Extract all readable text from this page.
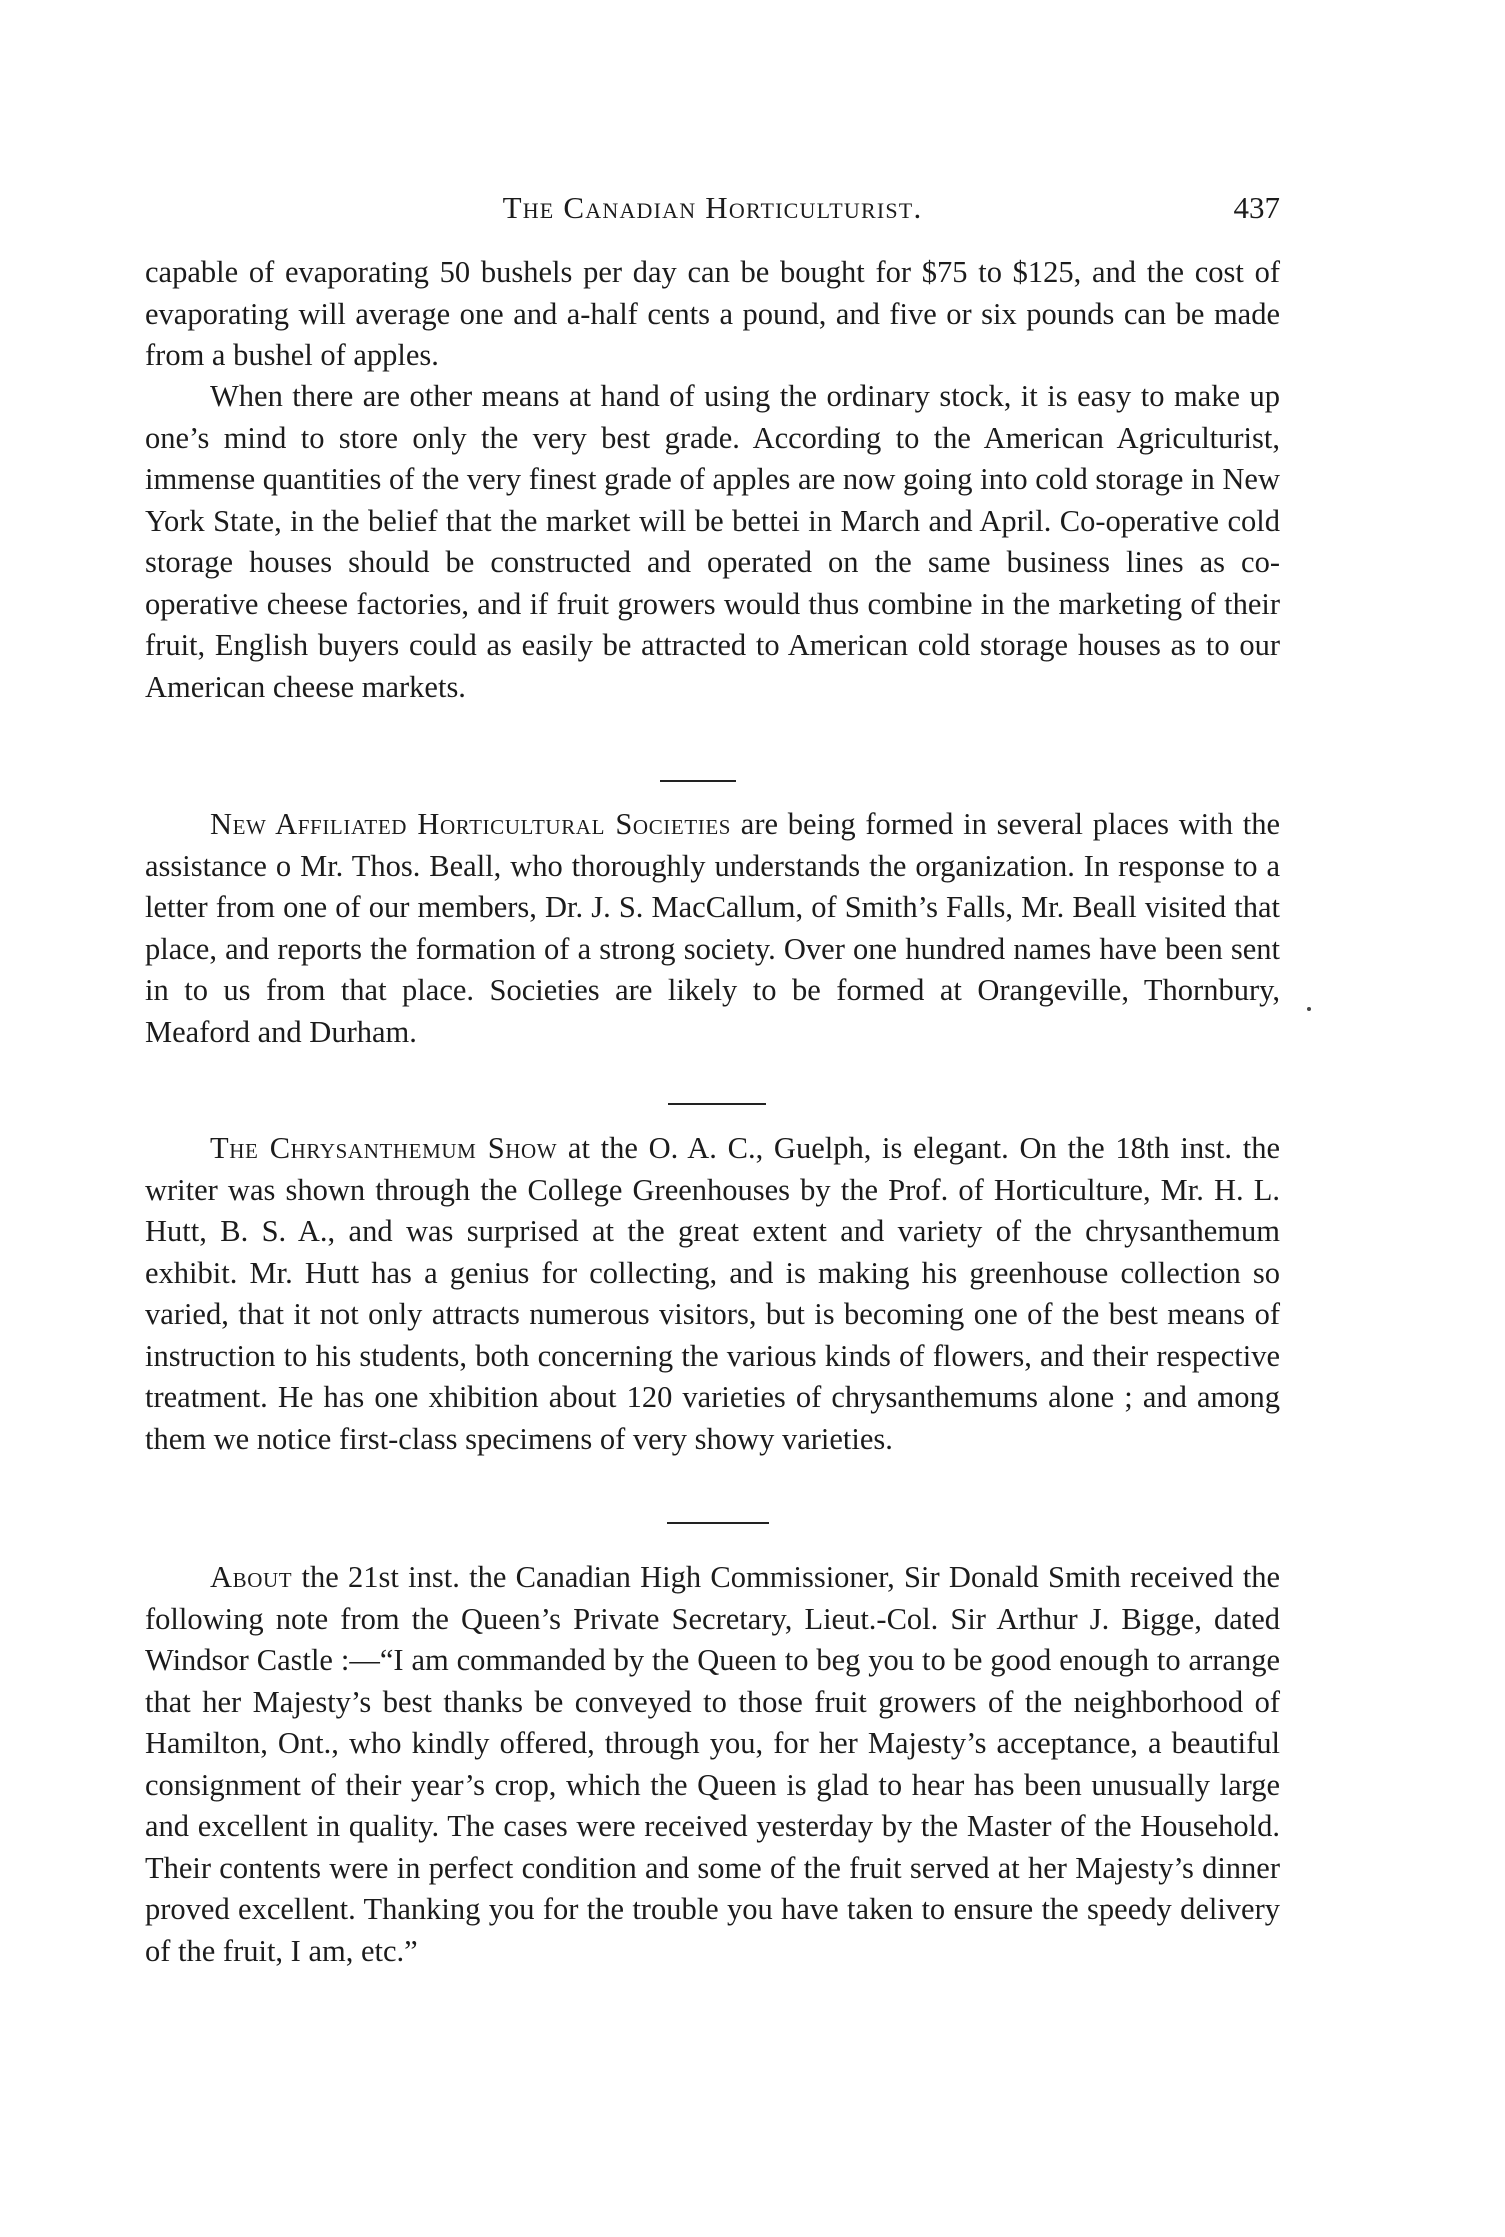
The Canadian Horticulturist.	437

capable of evaporating 50 bushels per day can be bought for $75 to $125, and the cost of evaporating will average one and a-half cents a pound, and five or six pounds can be made from a bushel of apples.

When there are other means at hand of using the ordinary stock, it is easy to make up one’s mind to store only the very best grade. According to the American Agriculturist, immense quantities of the very finest grade of apples are now going into cold storage in New York State, in the belief that the market will be bettei in March and April. Co-operative cold storage houses should be constructed and operated on the same business lines as co-operative cheese factories, and if fruit growers would thus combine in the marketing of their fruit, English buyers could as easily be attracted to American cold storage houses as to our American cheese markets.

New Affiliated Horticultural Societies are being formed in several places with the assistance o Mr. Thos. Beall, who thoroughly understands the organization. In response to a letter from one of our members, Dr. J. S. MacCallum, of Smith’s Falls, Mr. Beall visited that place, and reports the formation of a strong society. Over one hundred names have been sent in to us from that place. Societies are likely to be formed at Orangeville, Thornbury, Meaford and Durham.

The Chrysanthemum Show at the O. A. C., Guelph, is elegant. On the 18th inst. the writer was shown through the College Greenhouses by the Prof. of Horticulture, Mr. H. L. Hutt, B. S. A., and was surprised at the great extent and variety of the chrysanthemum exhibit. Mr. Hutt has a genius for collecting, and is making his greenhouse collection so varied, that it not only attracts numerous visitors, but is becoming one of the best means of instruction to his students, both concerning the various kinds of flowers, and their respective treatment. He has one xhibition about 120 varieties of chrysanthemums alone ; and among them we notice first-class specimens of very showy varieties.

About the 21st inst. the Canadian High Commissioner, Sir Donald Smith received the following note from the Queen’s Private Secretary, Lieut.-Col. Sir Arthur J. Bigge, dated Windsor Castle :—“I am commanded by the Queen to beg you to be good enough to arrange that her Majesty’s best thanks be conveyed to those fruit growers of the neighborhood of Hamilton, Ont., who kindly offered, through you, for her Majesty’s acceptance, a beautiful consignment of their year’s crop, which the Queen is glad to hear has been unusually large and excellent in quality. The cases were received yesterday by the Master of the Household. Their contents were in perfect condition and some of the fruit served at her Majesty’s dinner proved excellent. Thanking you for the trouble you have taken to ensure the speedy delivery of the fruit, I am, etc.”
